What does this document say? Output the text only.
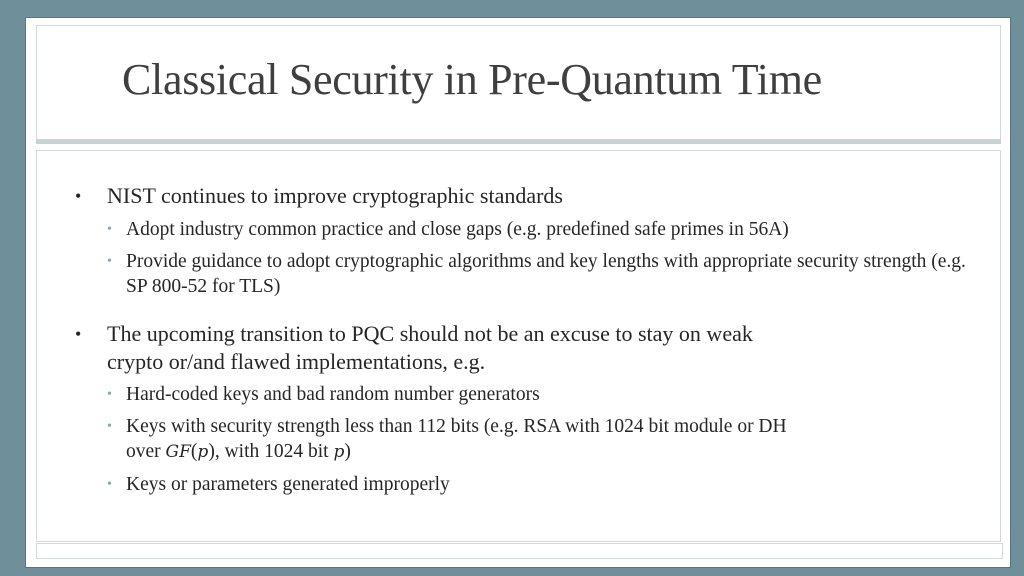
Classical Security in Pre-Quantum Time
• NIST continues to improve cryptographic standards
• Adopt industry common practice and close gaps (e.g. predefined safe primes in 56A)
• Provide guidance to adopt cryptographic algorithms and key lengths with appropriate security strength (e.g. SP 800-52 for TLS)
• The upcoming transition to PQC should not be an excuse to stay on weak
crypto or/and flawed implementations, e.g.
• Hard-coded keys and bad random number generators
• Keys with security strength less than 112 bits (e.g. RSA with 1024 bit module or DH
over GF(p), with 1024 bit p)
• Keys or parameters generated improperly
